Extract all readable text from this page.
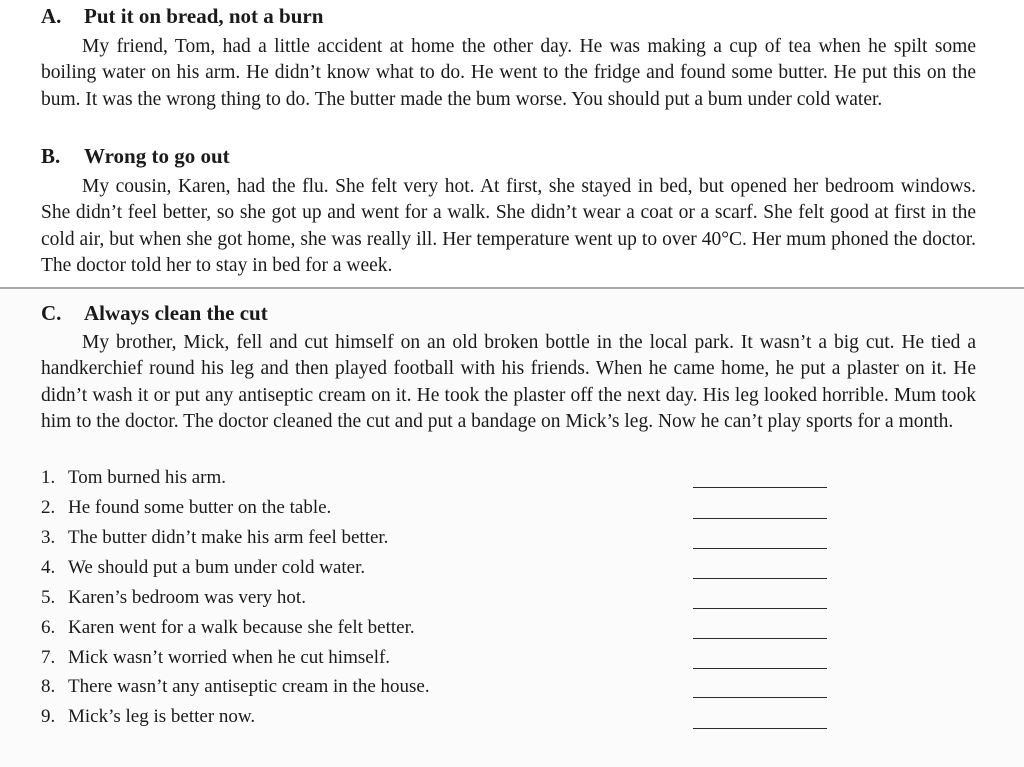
A. Put it on bread, not a burn

My friend, Tom, had a little accident at home the other day. He was making a cup of tea when he spilt some boiling water on his arm. He didn’t know what to do. He went to the fridge and found some butter. He put this on the bum. It was the wrong thing to do. The butter made the bum worse. You should put a bum under cold water.

B. Wrong to go out

My cousin, Karen, had the flu. She felt very hot. At first, she stayed in bed, but opened her bedroom windows. She didn’t feel better, so she got up and went for a walk. She didn’t wear a coat or a scarf. She felt good at first in the cold air, but when she got home, she was really ill. Her temperature went up to over 40°C. Her mum phoned the doctor. The doctor told her to stay in bed for a week.

C. Always clean the cut

My brother, Mick, fell and cut himself on an old broken bottle in the local park. It wasn’t a big cut. He tied a handkerchief round his leg and then played football with his friends. When he came home, he put a plaster on it. He didn’t wash it or put any antiseptic cream on it. He took the plaster off the next day. His leg looked horrible. Mum took him to the doctor. The doctor cleaned the cut and put a bandage on Mick’s leg. Now he can’t play sports for a month.

1. Tom burned his arm.
2. He found some butter on the table.
3. The butter didn’t make his arm feel better.
4. We should put a bum under cold water.
5. Karen’s bedroom was very hot.
6. Karen went for a walk because she felt better.
7. Mick wasn’t worried when he cut himself.
8. There wasn’t any antiseptic cream in the house.
9. Mick’s leg is better now.
